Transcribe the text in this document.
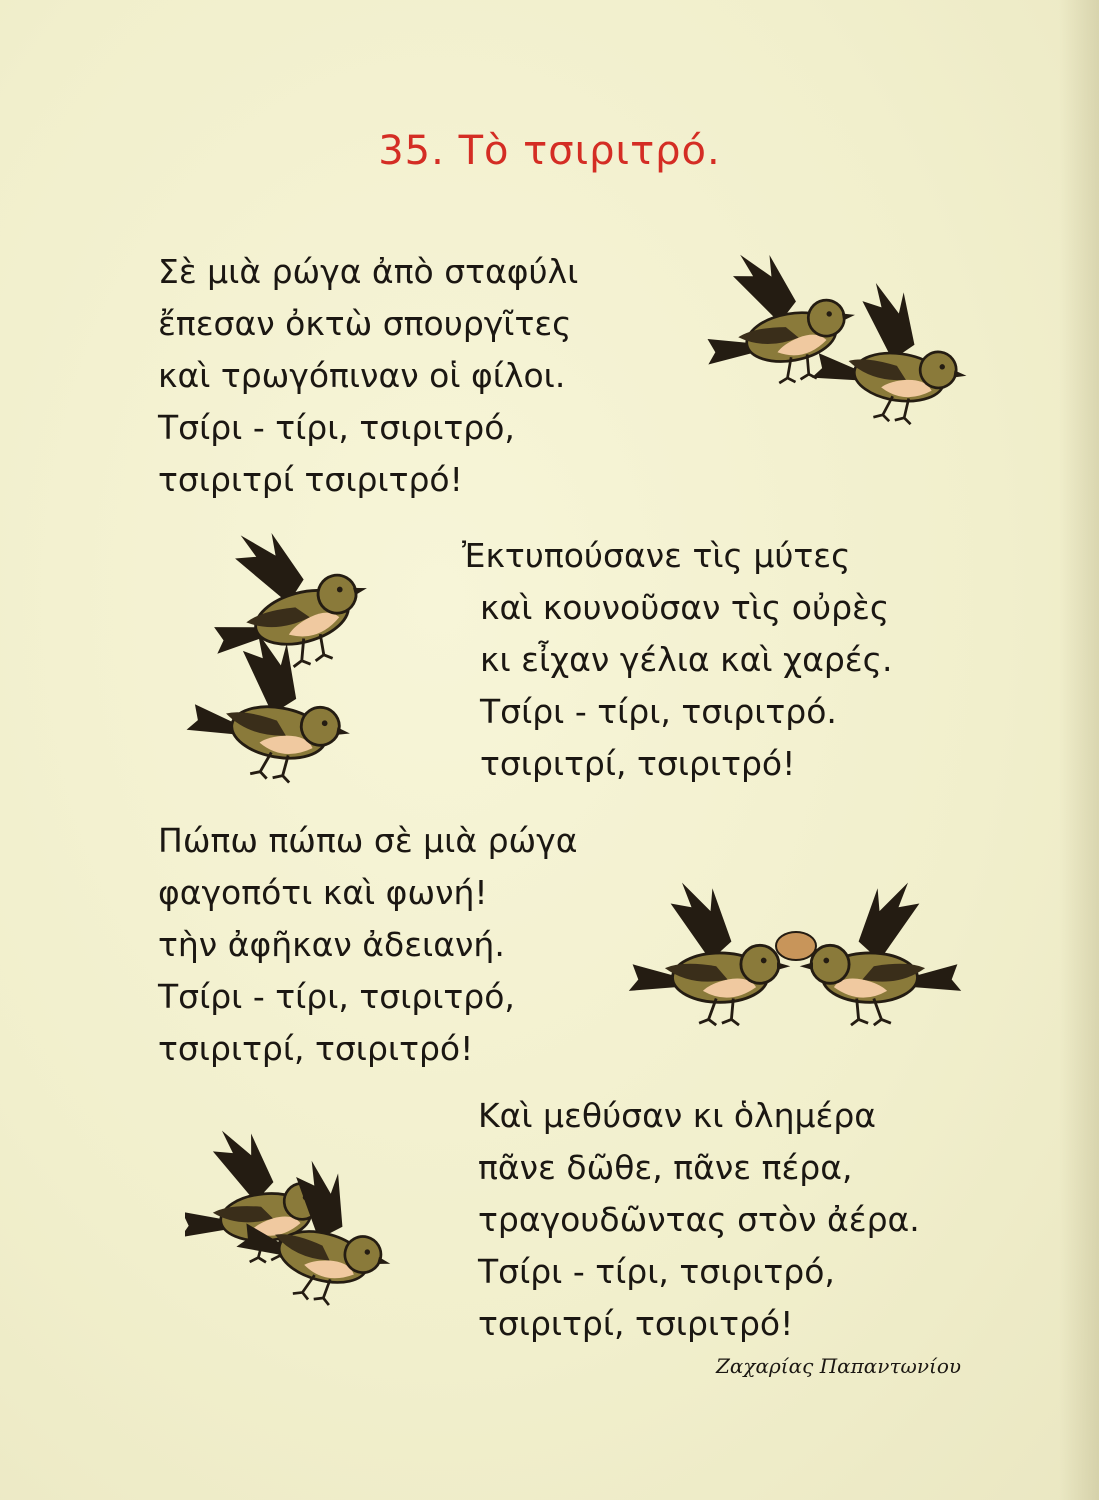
35. Τὸ τσιριτρό.
Σὲ μιὰ ρώγα ἀπὸ σταφύλι
ἔπεσαν ὀκτὼ σπουργῖτες
καὶ τρωγόπιναν οἱ φίλοι.
Τσίρι - τίρι, τσιριτρό,
τσιριτρί τσιριτρό!
Ἐκτυπούσανε τὶς μύτες
καὶ κουνοῦσαν τὶς οὐρὲς
κι εἶχαν γέλια καὶ χαρές.
Τσίρι - τίρι, τσιριτρό.
τσιριτρί, τσιριτρό!
Πώπω πώπω σὲ μιὰ ρώγα
φαγοπότι καὶ φωνή!
τὴν ἀφῆκαν ἀδειανή.
Τσίρι - τίρι, τσιριτρό,
τσιριτρί, τσιριτρό!
Καὶ μεθύσαν κι ὁλημέρα
πᾶνε δῶθε, πᾶνε πέρα,
τραγουδῶντας στὸν ἀέρα.
Τσίρι - τίρι, τσιριτρό,
τσιριτρί, τσιριτρό!
Ζαχαρίας Παπαντωνίου
